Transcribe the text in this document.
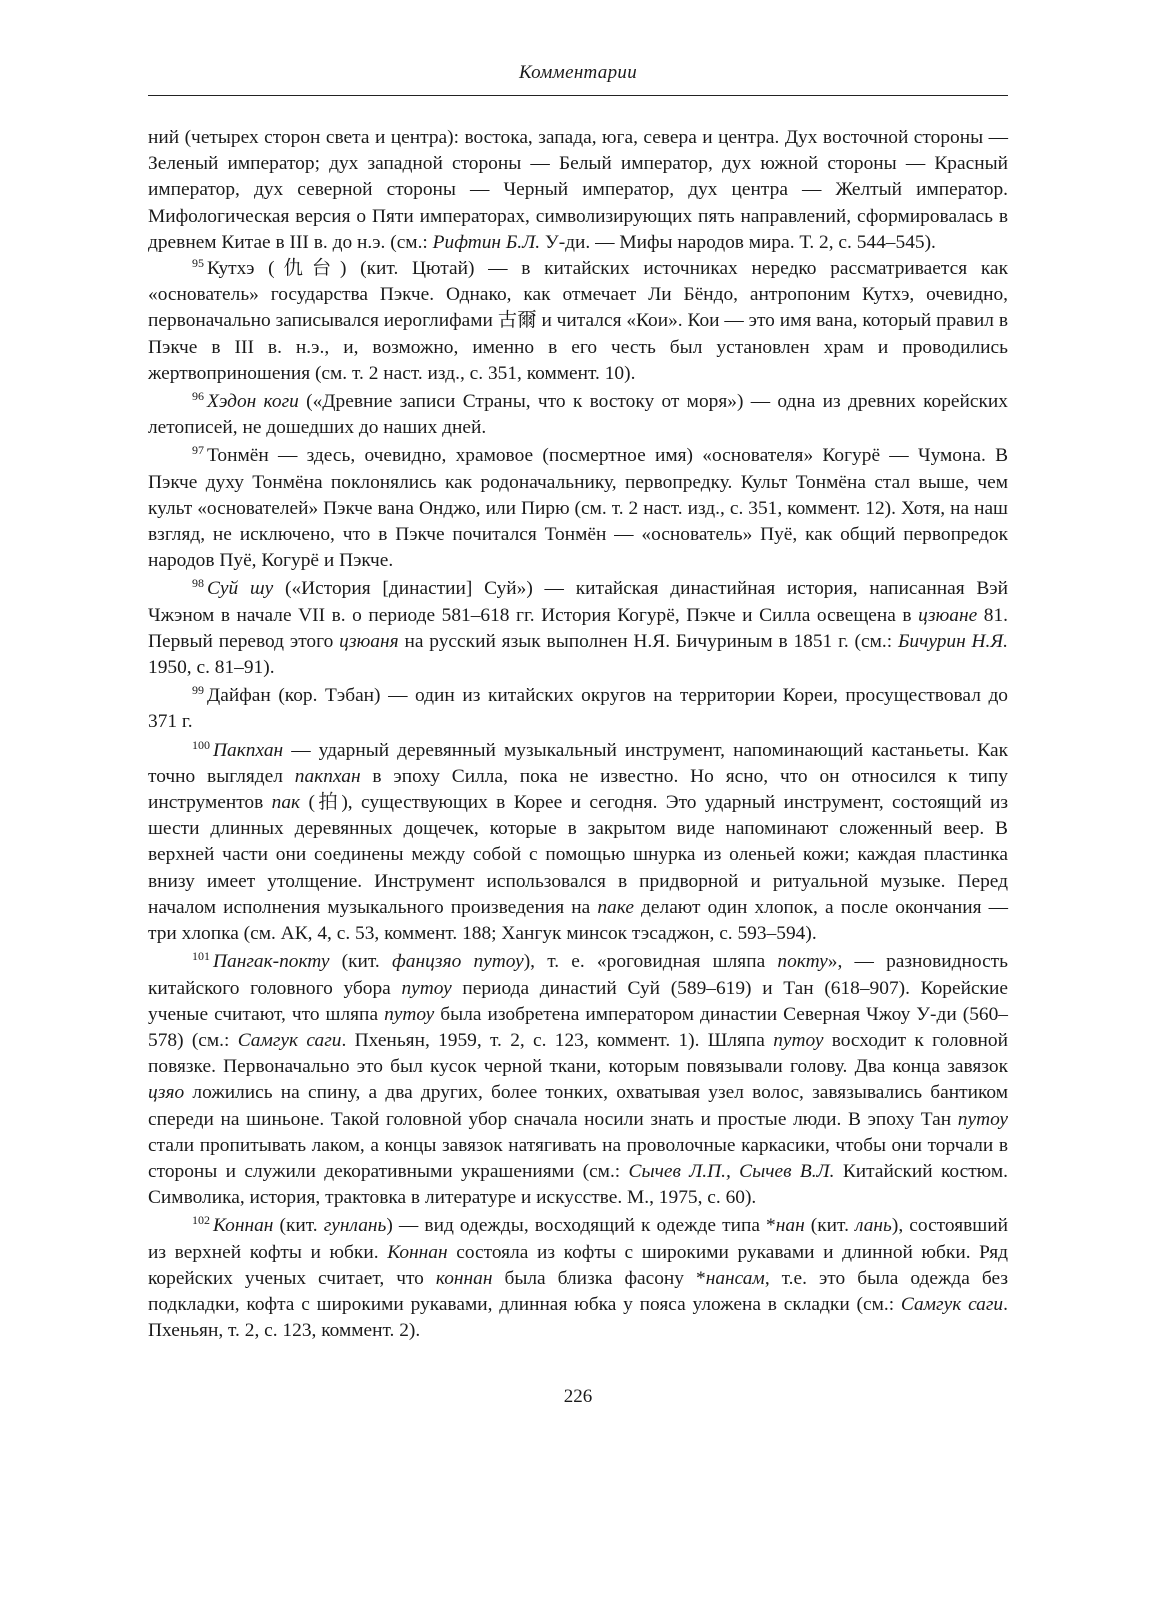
Комментарии

ний (четырех сторон света и центра): востока, запада, юга, севера и центра. Дух восточной стороны — Зеленый император; дух западной стороны — Белый император, дух южной стороны — Красный император, дух северной стороны — Черный император, дух центра — Желтый император. Мифологическая версия о Пяти императорах, символизирующих пять направлений, сформировалась в древнем Китае в III в. до н.э. (см.: Рифтин Б.Л. У-ди. — Мифы народов мира. Т. 2, с. 544–545).

$^{95}$ Кутхэ (仇台) (кит. Цютай) — в китайских источниках нередко рассматривается как «основатель» государства Пэкче. Однако, как отмечает Ли Бёндо, антропоним Кутхэ, очевидно, первоначально записывался иероглифами 古爾 и читался «Кои». Кои — это имя вана, который правил в Пэкче в III в. н.э., и, возможно, именно в его честь был установлен храм и проводились жертвоприношения (см. т. 2 наст. изд., с. 351, коммент. 10).

$^{96}$ Хэдон коги («Древние записи Страны, что к востоку от моря») — одна из древних корейских летописей, не дошедших до наших дней.

$^{97}$ Тонмён — здесь, очевидно, храмовое (посмертное имя) «основателя» Когурё — Чумона. В Пэкче духу Тонмёна поклонялись как родоначальнику, первопредку. Культ Тонмёна стал выше, чем культ «основателей» Пэкче вана Онджо, или Пирю (см. т. 2 наст. изд., с. 351, коммент. 12). Хотя, на наш взгляд, не исключено, что в Пэкче почитался Тонмён — «основатель» Пуё, как общий первопредок народов Пуё, Когурё и Пэкче.

$^{98}$ Суй шу («История [династии] Суй») — китайская династийная история, написанная Вэй Чжэном в начале VII в. о периоде 581–618 гг. История Когурё, Пэкче и Силла освещена в цзюане 81. Первый перевод этого цзюаня на русский язык выполнен Н.Я. Бичуриным в 1851 г. (см.: Бичурин Н.Я. 1950, с. 81–91).

$^{99}$ Дайфан (кор. Тэбан) — один из китайских округов на территории Кореи, просуществовал до 371 г.

$^{100}$ Пакпхан — ударный деревянный музыкальный инструмент, напоминающий кастаньеты. Как точно выглядел пакпхан в эпоху Силла, пока не известно. Но ясно, что он относился к типу инструментов пак (拍), существующих в Корее и сегодня. Это ударный инструмент, состоящий из шести длинных деревянных дощечек, которые в закрытом виде напоминают сложенный веер. В верхней части они соединены между собой с помощью шнурка из оленьей кожи; каждая пластинка внизу имеет утолщение. Инструмент использовался в придворной и ритуальной музыке. Перед началом исполнения музыкального произведения на паке делают один хлопок, а после окончания — три хлопка (см. АК, 4, с. 53, коммент. 188; Хангук минсок тэсаджон, с. 593–594).

$^{101}$ Пангак-покту (кит. фанцзяо путоу), т. е. «роговидная шляпа покту», — разновидность китайского головного убора путоу периода династий Суй (589–619) и Тан (618–907). Корейские ученые считают, что шляпа путоу была изобретена императором династии Северная Чжоу У-ди (560–578) (см.: Самгук саги. Пхеньян, 1959, т. 2, с. 123, коммент. 1). Шляпа путоу восходит к головной повязке. Первоначально это был кусок черной ткани, которым повязывали голову. Два конца завязок цзяо ложились на спину, а два других, более тонких, охватывая узел волос, завязывались бантиком спереди на шиньоне. Такой головной убор сначала носили знать и простые люди. В эпоху Тан путоу стали пропитывать лаком, а концы завязок натягивать на проволочные каркасики, чтобы они торчали в стороны и служили декоративными украшениями (см.: Сычев Л.П., Сычев В.Л. Китайский костюм. Символика, история, трактовка в литературе и искусстве. М., 1975, с. 60).

$^{102}$ Коннан (кит. гунлань) — вид одежды, восходящий к одежде типа *нан (кит. лань), состоявший из верхней кофты и юбки. Коннан состояла из кофты с широкими рукавами и длинной юбки. Ряд корейских ученых считает, что коннан была близка фасону *нансам, т.е. это была одежда без подкладки, кофта с широкими рукавами, длинная юбка у пояса уложена в складки (см.: Самгук саги. Пхеньян, т. 2, с. 123, коммент. 2).

226
